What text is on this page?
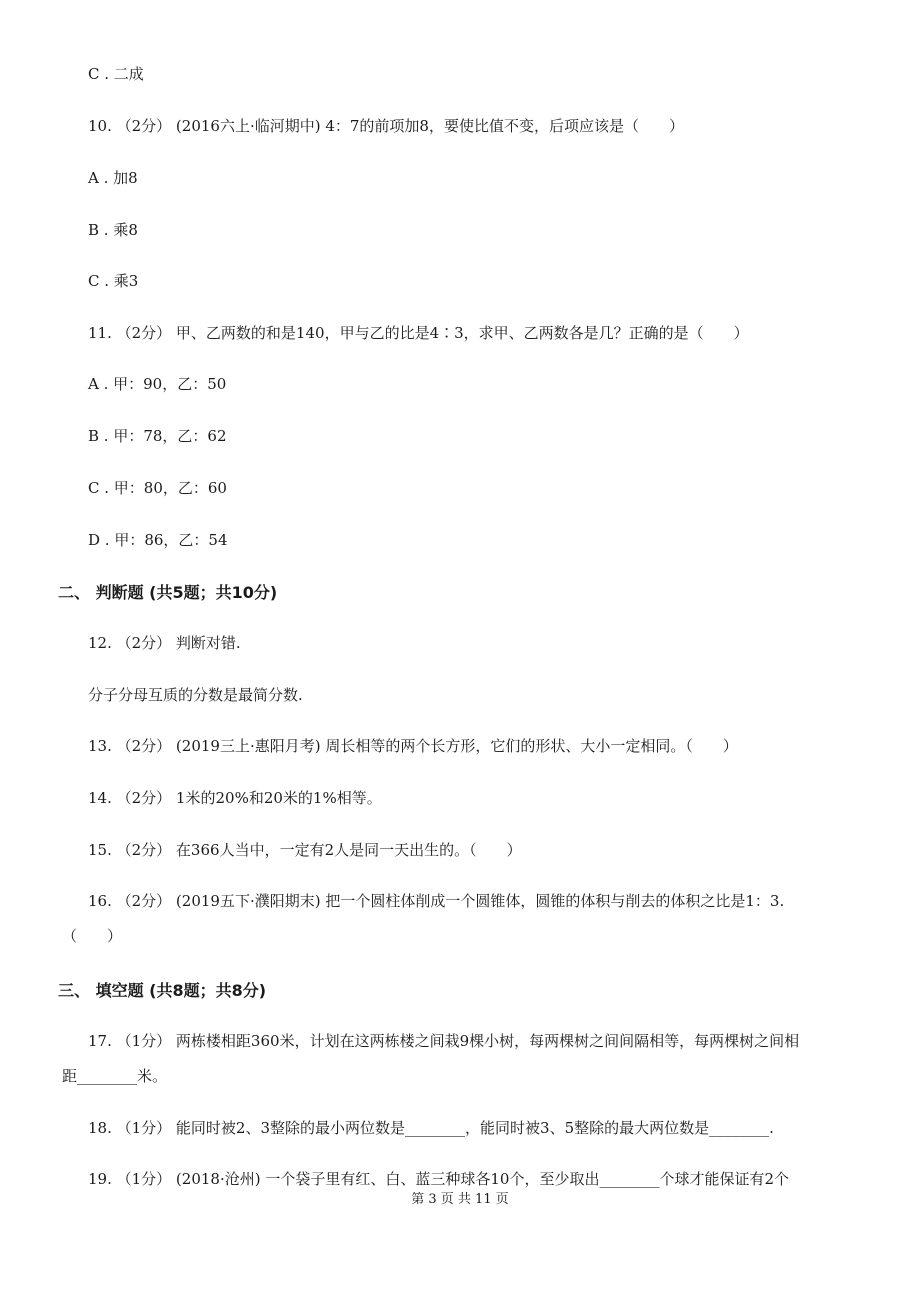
C . 二成
10. （2分） (2016六上·临河期中) 4：7的前项加8，要使比值不变，后项应该是（　　）
A . 加8
B . 乘8
C . 乘3
11. （2分） 甲、乙两数的和是140，甲与乙的比是4∶3，求甲、乙两数各是几？正确的是（　　）
A . 甲：90，乙：50
B . 甲：78，乙：62
C . 甲：80，乙：60
D . 甲：86，乙：54
二、 判断题 (共5题；共10分)
12. （2分） 判断对错.
分子分母互质的分数是最简分数.
13. （2分） (2019三上·惠阳月考) 周长相等的两个长方形，它们的形状、大小一定相同。（　　）
14. （2分） 1米的20%和20米的1%相等。
15. （2分） 在366人当中，一定有2人是同一天出生的。（　　）
16. （2分） (2019五下·濮阳期末) 把一个圆柱体削成一个圆锥体，圆锥的体积与削去的体积之比是1：3.
（　　）
三、 填空题 (共8题；共8分)
17. （1分） 两栋楼相距360米，计划在这两栋楼之间栽9棵小树，每两棵树之间间隔相等，每两棵树之间相
距________米。
18. （1分） 能同时被2、3整除的最小两位数是________，能同时被3、5整除的最大两位数是________.
19. （1分） (2018·沧州) 一个袋子里有红、白、蓝三种球各10个，至少取出________个球才能保证有2个
第 3 页 共 11 页
